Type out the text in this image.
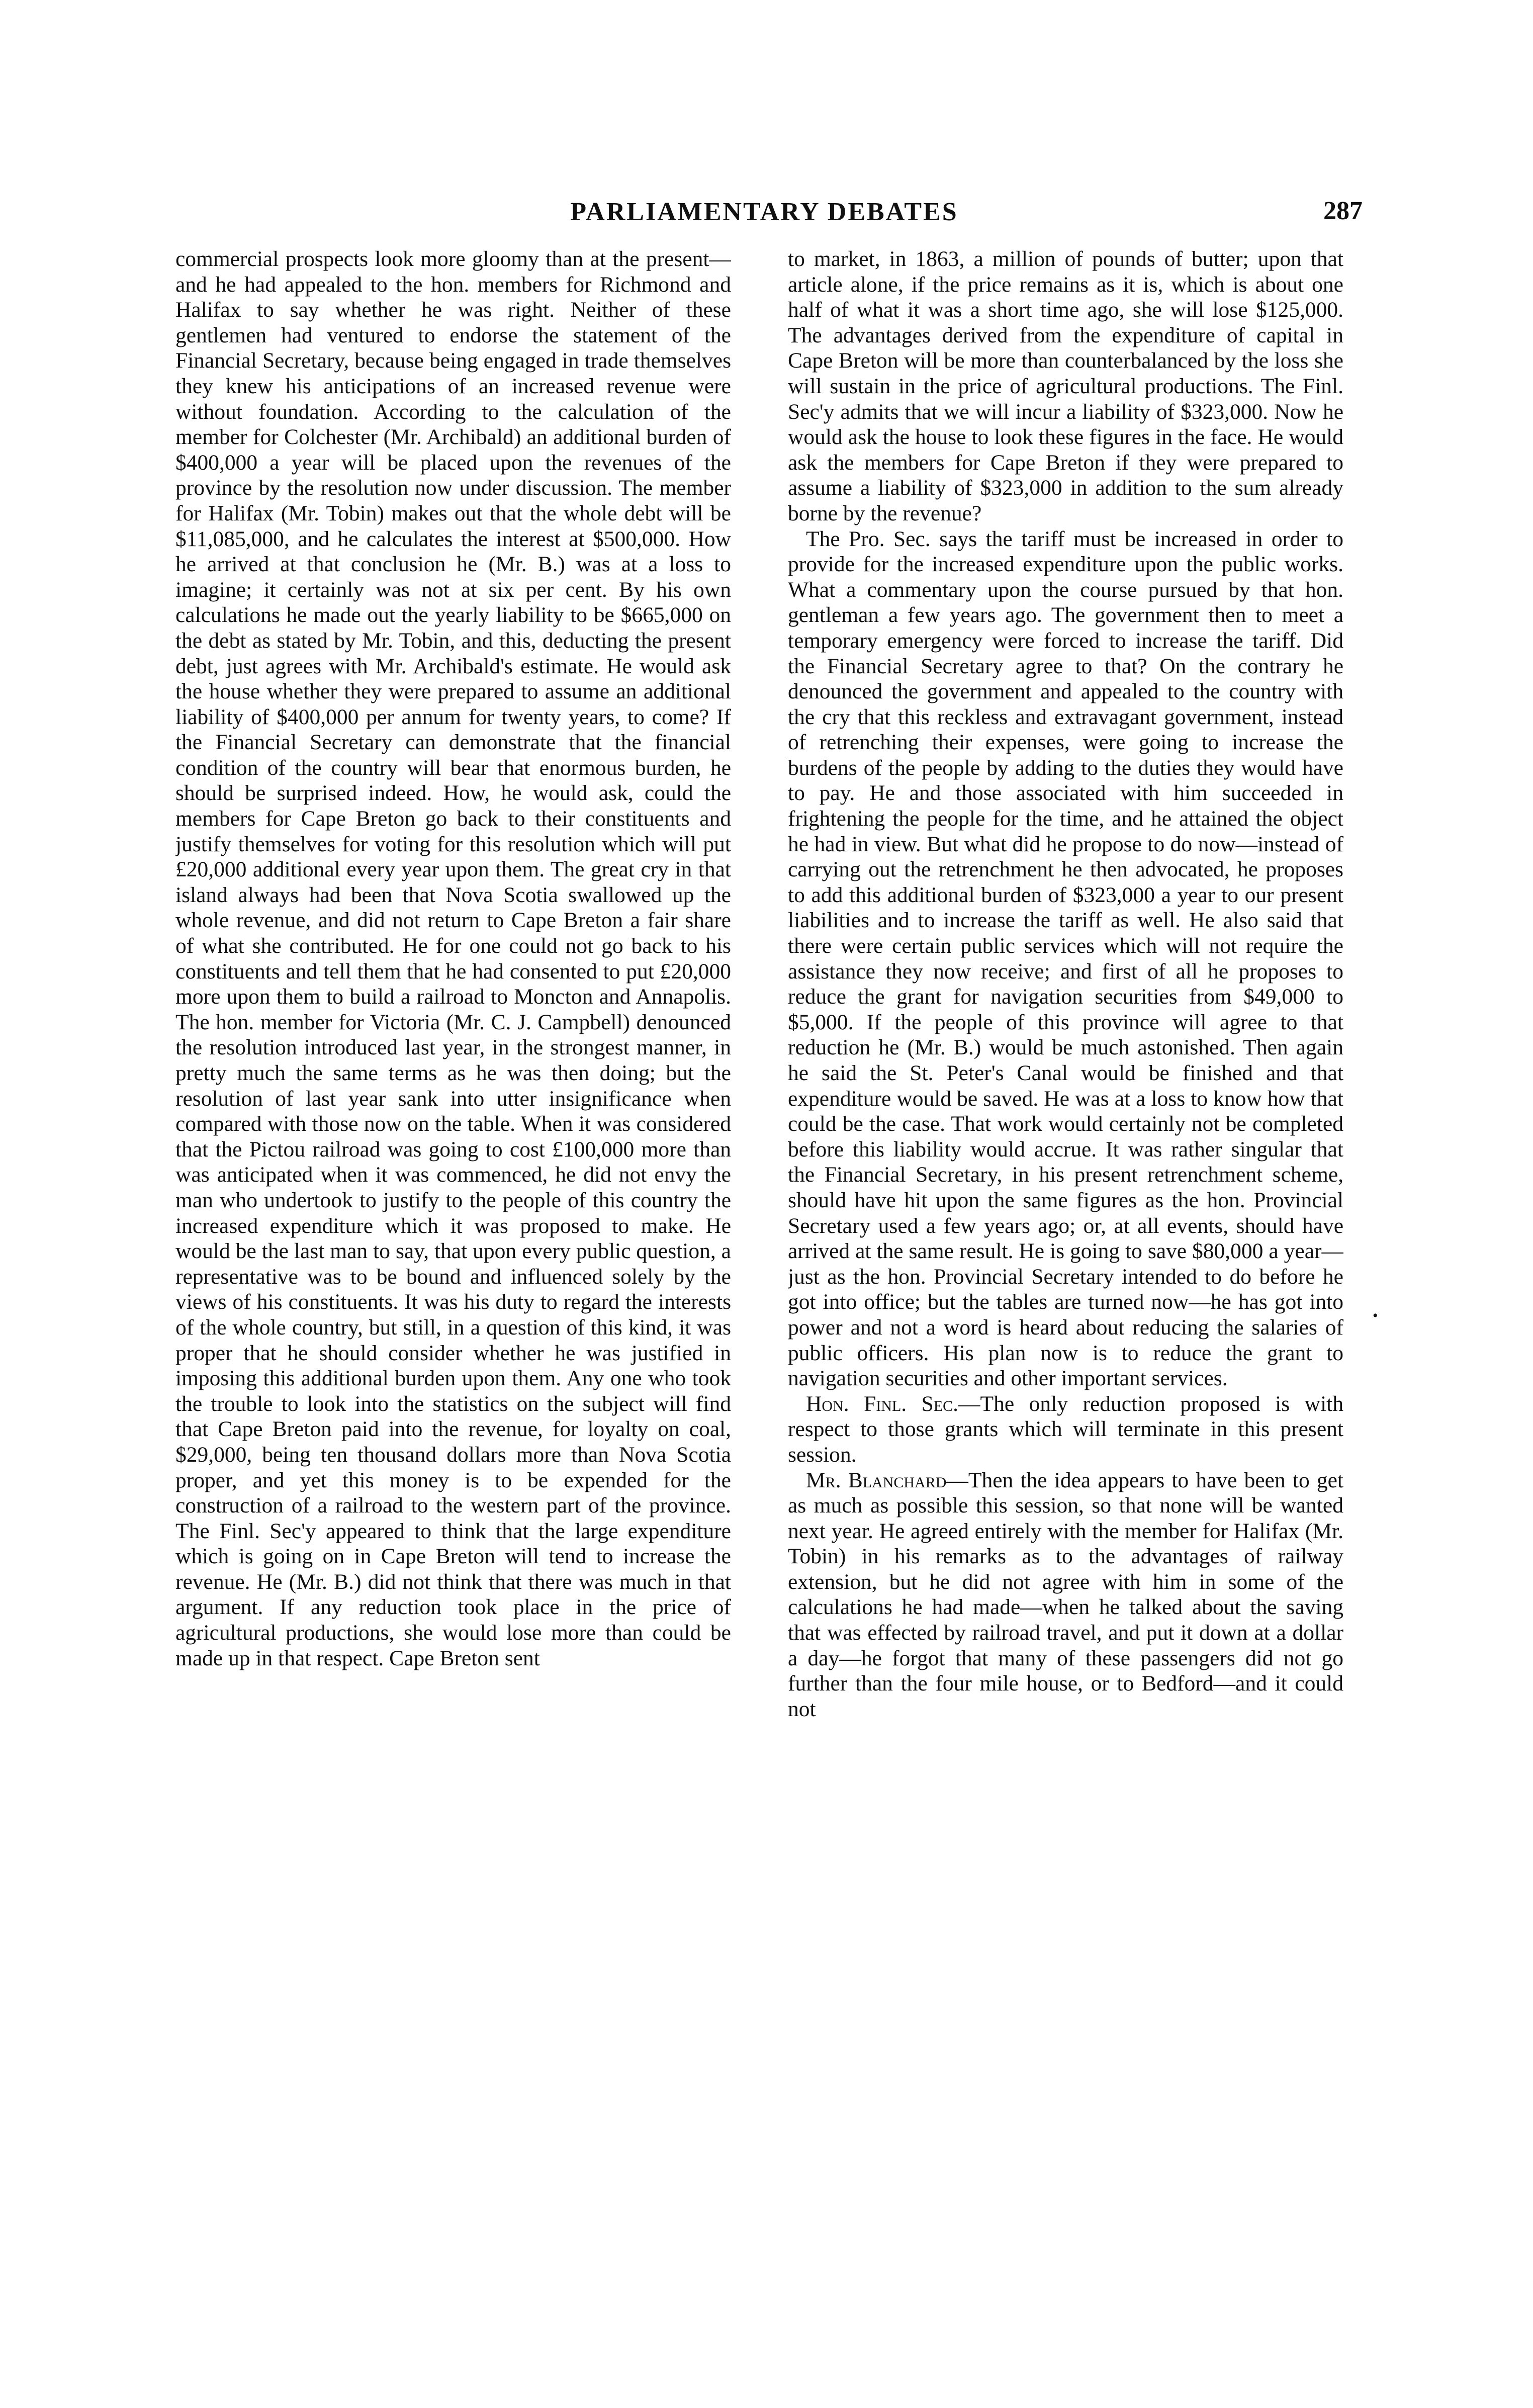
PARLIAMENTARY DEBATES	287

commercial prospects look more gloomy than at the present—and he had appealed to the hon. members for Richmond and Halifax to say whether he was right. Neither of these gentlemen had ventured to endorse the statement of the Financial Secretary, because being engaged in trade themselves they knew his anticipations of an increased revenue were without foundation. According to the calculation of the member for Colchester (Mr. Archibald) an additional burden of $400,000 a year will be placed upon the revenues of the province by the resolution now under discussion. The member for Halifax (Mr. Tobin) makes out that the whole debt will be $11,085,000, and he calculates the interest at $500,000. How he arrived at that conclusion he (Mr. B.) was at a loss to imagine; it certainly was not at six per cent. By his own calculations he made out the yearly liability to be $665,000 on the debt as stated by Mr. Tobin, and this, deducting the present debt, just agrees with Mr. Archibald's estimate. He would ask the house whether they were prepared to assume an additional liability of $400,000 per annum for twenty years, to come? If the Financial Secretary can demonstrate that the financial condition of the country will bear that enormous burden, he should be surprised indeed. How, he would ask, could the members for Cape Breton go back to their constituents and justify themselves for voting for this resolution which will put £20,000 additional every year upon them. The great cry in that island always had been that Nova Scotia swallowed up the whole revenue, and did not return to Cape Breton a fair share of what she contributed. He for one could not go back to his constituents and tell them that he had consented to put £20,000 more upon them to build a railroad to Moncton and Annapolis. The hon. member for Victoria (Mr. C. J. Campbell) denounced the resolution introduced last year, in the strongest manner, in pretty much the same terms as he was then doing; but the resolution of last year sank into utter insignificance when compared with those now on the table. When it was considered that the Pictou railroad was going to cost £100,000 more than was anticipated when it was commenced, he did not envy the man who undertook to justify to the people of this country the increased expenditure which it was proposed to make. He would be the last man to say, that upon every public question, a representative was to be bound and influenced solely by the views of his constituents. It was his duty to regard the interests of the whole country, but still, in a question of this kind, it was proper that he should consider whether he was justified in imposing this additional burden upon them. Any one who took the trouble to look into the statistics on the subject will find that Cape Breton paid into the revenue, for loyalty on coal, $29,000, being ten thousand dollars more than Nova Scotia proper, and yet this money is to be expended for the construction of a railroad to the western part of the province. The Finl. Sec'y appeared to think that the large expenditure which is going on in Cape Breton will tend to increase the revenue. He (Mr. B.) did not think that there was much in that argument. If any reduction took place in the price of agricultural productions, she would lose more than could be made up in that respect. Cape Breton sent

to market, in 1863, a million of pounds of butter; upon that article alone, if the price remains as it is, which is about one half of what it was a short time ago, she will lose $125,000. The advantages derived from the expenditure of capital in Cape Breton will be more than counterbalanced by the loss she will sustain in the price of agricultural productions. The Finl. Sec'y admits that we will incur a liability of $323,000. Now he would ask the house to look these figures in the face. He would ask the members for Cape Breton if they were prepared to assume a liability of $323,000 in addition to the sum already borne by the revenue?

The Pro. Sec. says the tariff must be increased in order to provide for the increased expenditure upon the public works. What a commentary upon the course pursued by that hon. gentleman a few years ago. The government then to meet a temporary emergency were forced to increase the tariff. Did the Financial Secretary agree to that? On the contrary he denounced the government and appealed to the country with the cry that this reckless and extravagant government, instead of retrenching their expenses, were going to increase the burdens of the people by adding to the duties they would have to pay. He and those associated with him succeeded in frightening the people for the time, and he attained the object he had in view. But what did he propose to do now—instead of carrying out the retrenchment he then advocated, he proposes to add this additional burden of $323,000 a year to our present liabilities and to increase the tariff as well. He also said that there were certain public services which will not require the assistance they now receive; and first of all he proposes to reduce the grant for navigation securities from $49,000 to $5,000. If the people of this province will agree to that reduction he (Mr. B.) would be much astonished. Then again he said the St. Peter's Canal would be finished and that expenditure would be saved. He was at a loss to know how that could be the case. That work would certainly not be completed before this liability would accrue. It was rather singular that the Financial Secretary, in his present retrenchment scheme, should have hit upon the same figures as the hon. Provincial Secretary used a few years ago; or, at all events, should have arrived at the same result. He is going to save $80,000 a year—just as the hon. Provincial Secretary intended to do before he got into office; but the tables are turned now—he has got into power and not a word is heard about reducing the salaries of public officers. His plan now is to reduce the grant to navigation securities and other important services.

Hon. Finl. Sec.—The only reduction proposed is with respect to those grants which will terminate in this present session.

Mr. Blanchard—Then the idea appears to have been to get as much as possible this session, so that none will be wanted next year. He agreed entirely with the member for Halifax (Mr. Tobin) in his remarks as to the advantages of railway extension, but he did not agree with him in some of the calculations he had made—when he talked about the saving that was effected by railroad travel, and put it down at a dollar a day—he forgot that many of these passengers did not go further than the four mile house, or to Bedford—and it could not

•
